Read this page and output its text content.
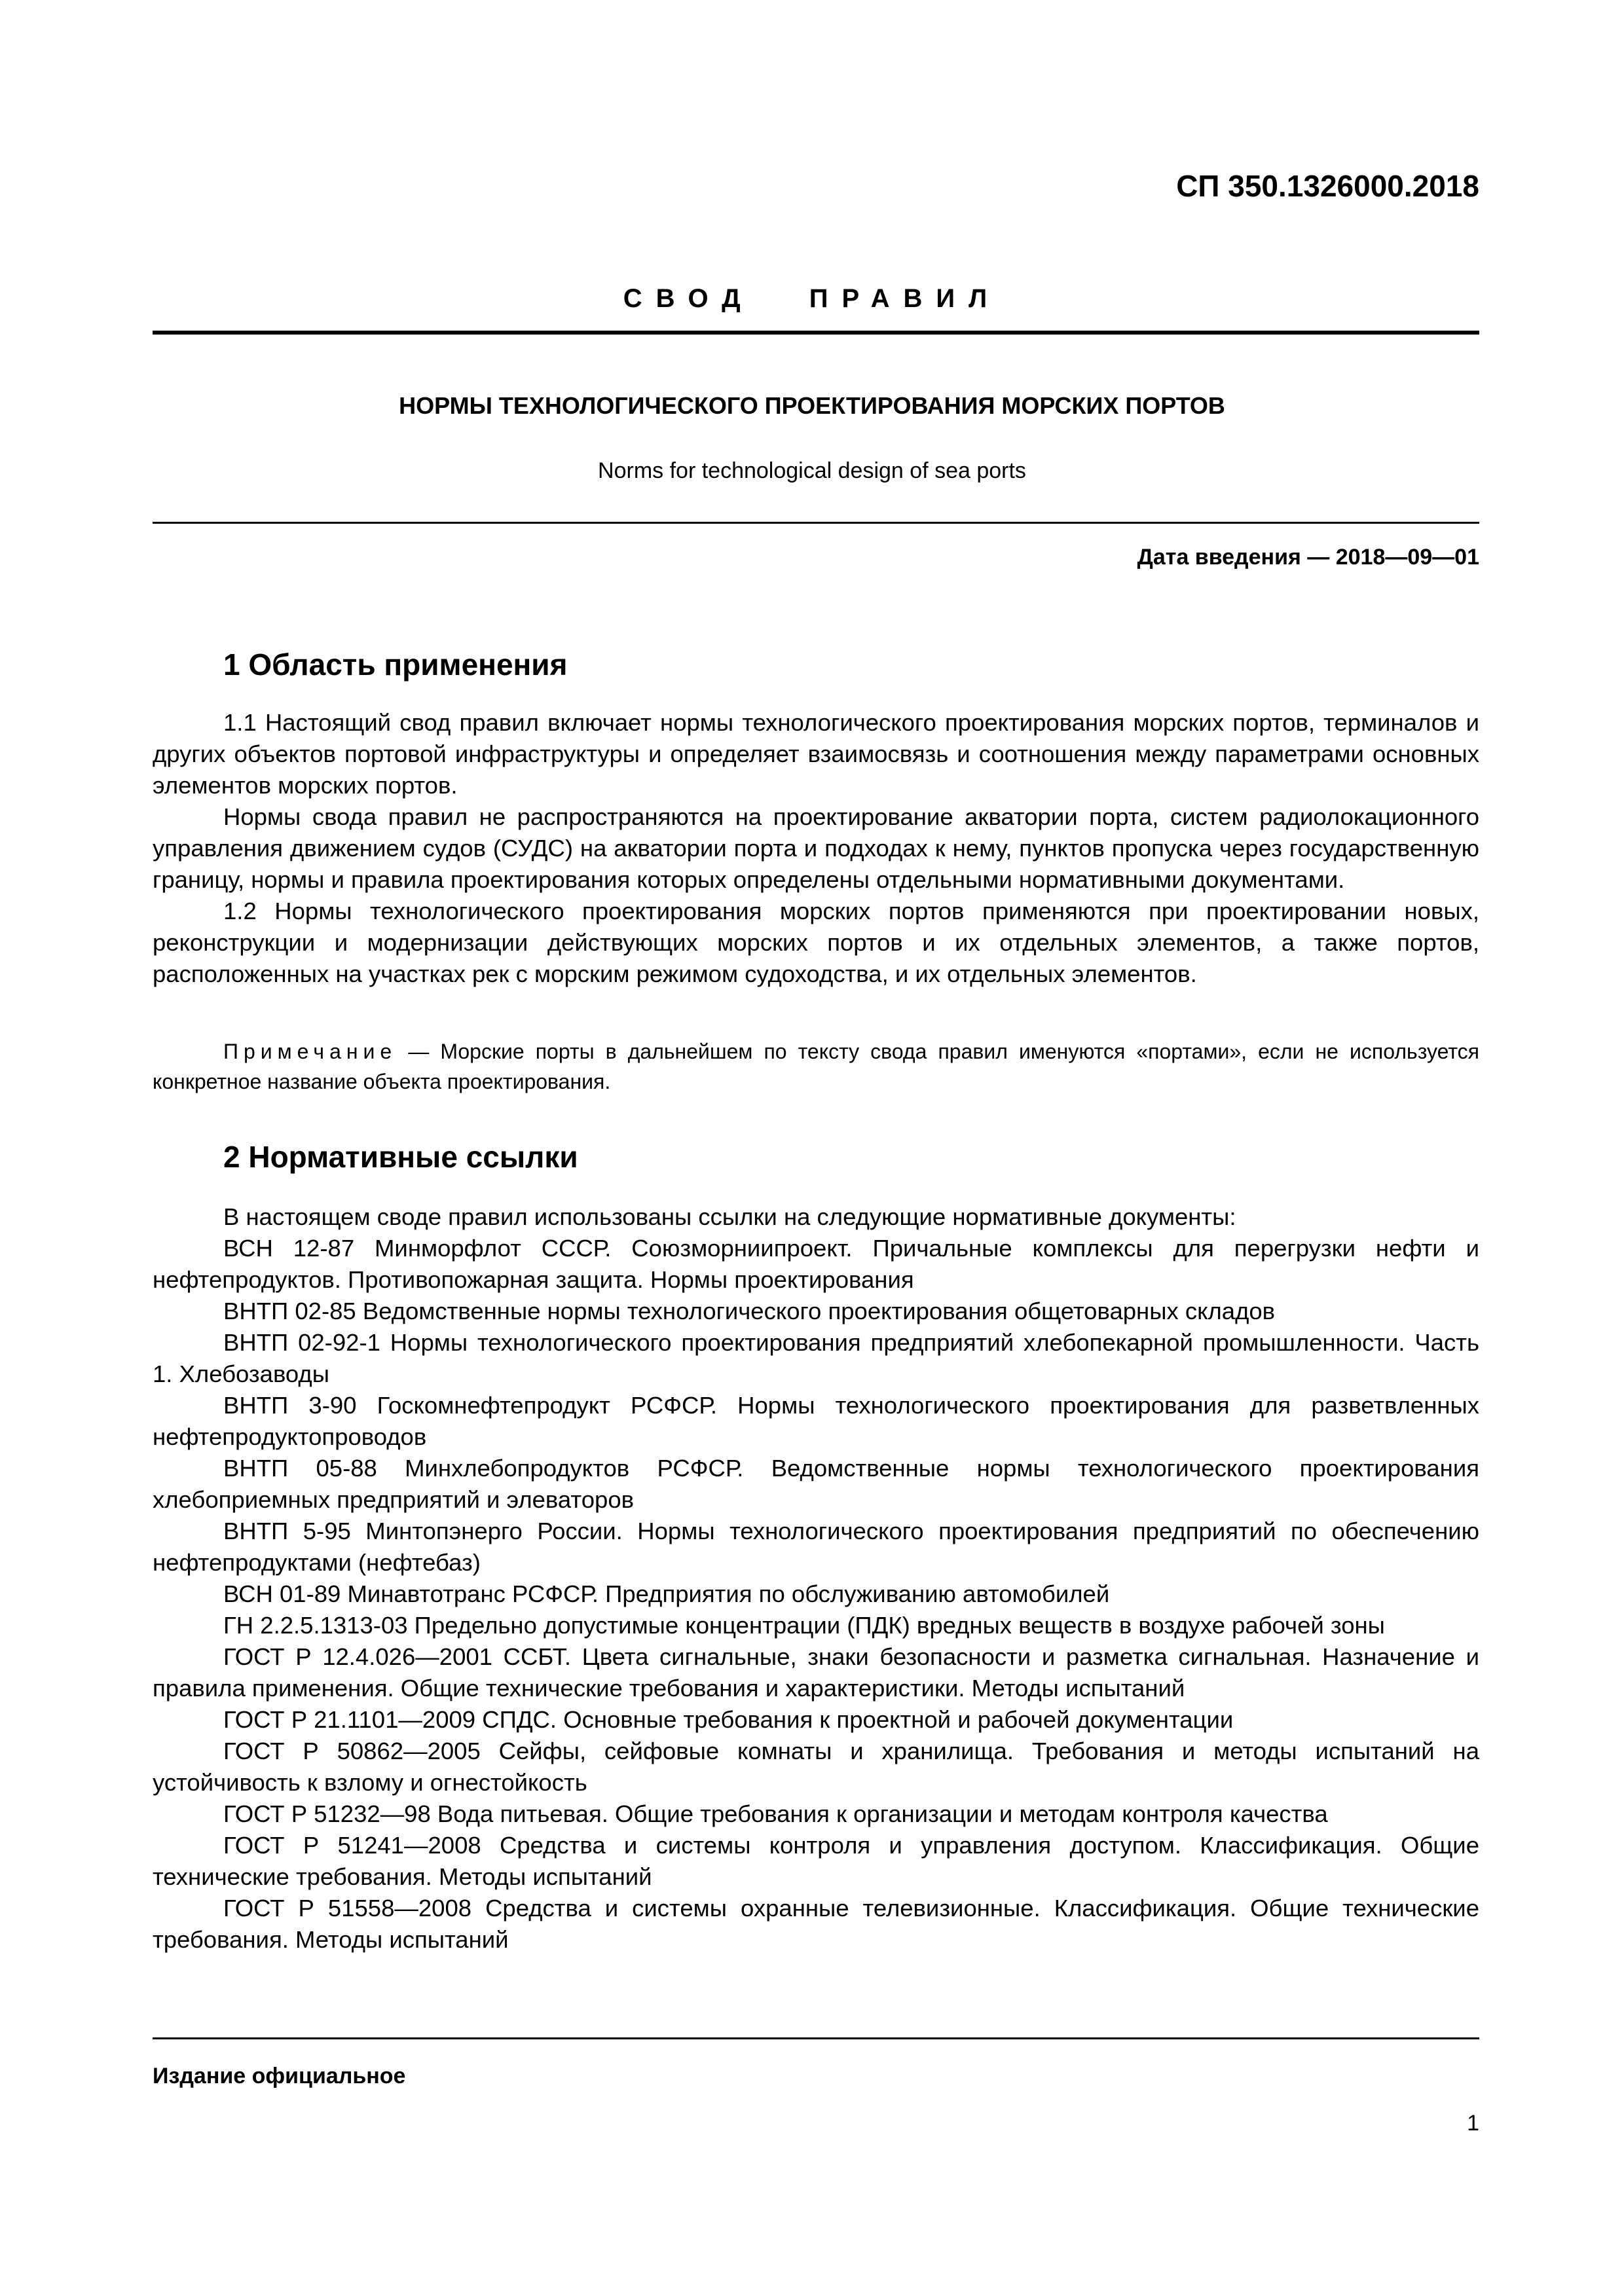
СП 350.1326000.2018
СВОД ПРАВИЛ
НОРМЫ ТЕХНОЛОГИЧЕСКОГО ПРОЕКТИРОВАНИЯ МОРСКИХ ПОРТОВ
Norms for technological design of sea ports
Дата введения — 2018—09—01
1 Область применения

1.1 Настоящий свод правил включает нормы технологического проектирования морских портов, терминалов и других объектов портовой инфраструктуры и определяет взаимосвязь и соотношения между параметрами основных элементов морских портов.

Нормы свода правил не распространяются на проектирование акватории порта, систем радиолокационного управления движением судов (СУДС) на акватории порта и подходах к нему, пунктов пропуска через государственную границу, нормы и правила проектирования которых определены отдельными нормативными документами.

1.2 Нормы технологического проектирования морских портов применяются при проектировании новых, реконструкции и модернизации действующих морских портов и их отдельных элементов, а также портов, расположенных на участках рек с морским режимом судоходства, и их отдельных элементов.

Примечание — Морские порты в дальнейшем по тексту свода правил именуются «портами», если не используется конкретное название объекта проектирования.
2 Нормативные ссылки

В настоящем своде правил использованы ссылки на следующие нормативные документы:

ВСН 12-87 Минморфлот СССР. Союзморниипроект. Причальные комплексы для перегрузки нефти и нефтепродуктов. Противопожарная защита. Нормы проектирования

ВНТП 02-85 Ведомственные нормы технологического проектирования общетоварных складов

ВНТП 02-92-1 Нормы технологического проектирования предприятий хлебопекарной промышленности. Часть 1. Хлебозаводы

ВНТП 3-90 Госкомнефтепродукт РСФСР. Нормы технологического проектирования для разветвленных нефтепродуктопроводов

ВНТП 05-88 Минхлебопродуктов РСФСР. Ведомственные нормы технологического проектирования хлебоприемных предприятий и элеваторов

ВНТП 5-95 Минтопэнерго России. Нормы технологического проектирования предприятий по обеспечению нефтепродуктами (нефтебаз)

ВСН 01-89 Минавтотранс РСФСР. Предприятия по обслуживанию автомобилей

ГН 2.2.5.1313-03 Предельно допустимые концентрации (ПДК) вредных веществ в воздухе рабочей зоны

ГОСТ Р 12.4.026—2001 ССБТ. Цвета сигнальные, знаки безопасности и разметка сигнальная. Назначение и правила применения. Общие технические требования и характеристики. Методы испытаний

ГОСТ Р 21.1101—2009 СПДС. Основные требования к проектной и рабочей документации

ГОСТ Р 50862—2005 Сейфы, сейфовые комнаты и хранилища. Требования и методы испытаний на устойчивость к взлому и огнестойкость

ГОСТ Р 51232—98 Вода питьевая. Общие требования к организации и методам контроля качества

ГОСТ Р 51241—2008 Средства и системы контроля и управления доступом. Классификация. Общие технические требования. Методы испытаний

ГОСТ Р 51558—2008 Средства и системы охранные телевизионные. Классификация. Общие технические требования. Методы испытаний

Издание официальное
1
